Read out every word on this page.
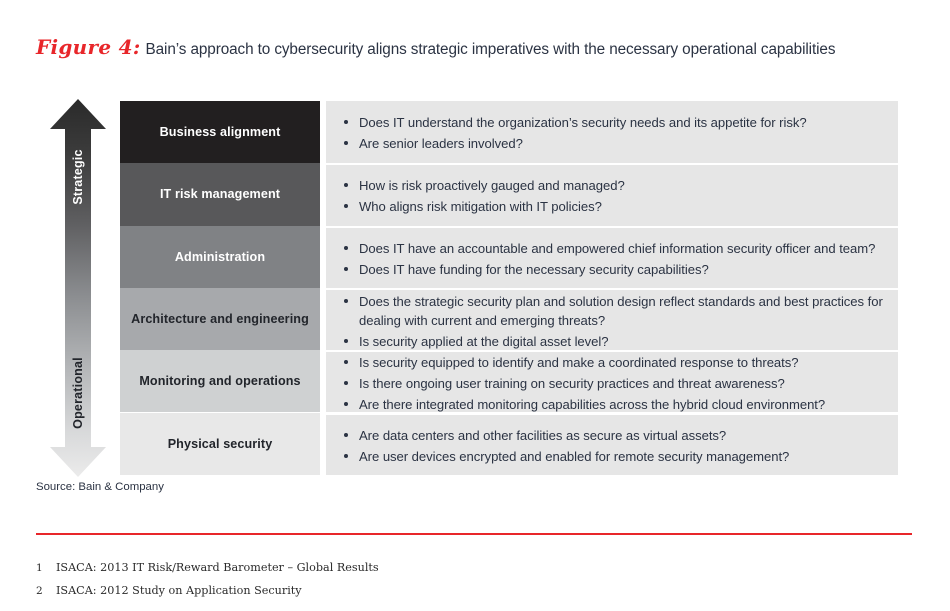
Figure 4: Bain’s approach to cybersecurity aligns strategic imperatives with the necessary operational capabilities
Strategic
Operational
Business alignment
Does IT understand the organization’s security needs and its appetite for risk?
Are senior leaders involved?
IT risk management
How is risk proactively gauged and managed?
Who aligns risk mitigation with IT policies?
Administration
Does IT have an accountable and empowered chief information security officer and team?
Does IT have funding for the necessary security capabilities?
Architecture and engineering
Does the strategic security plan and solution design reflect standards and best practices for dealing with current and emerging threats?
Is security applied at the digital asset level?
Monitoring and operations
Is security equipped to identify and make a coordinated response to threats?
Is there ongoing user training on security practices and threat awareness?
Are there integrated monitoring capabilities across the hybrid cloud environment?
Physical security
Are data centers and other facilities as secure as virtual assets?
Are user devices encrypted and enabled for remote security management?
Source: Bain & Company
1 ISACA: 2013 IT Risk/Reward Barometer – Global Results
2 ISACA: 2012 Study on Application Security
